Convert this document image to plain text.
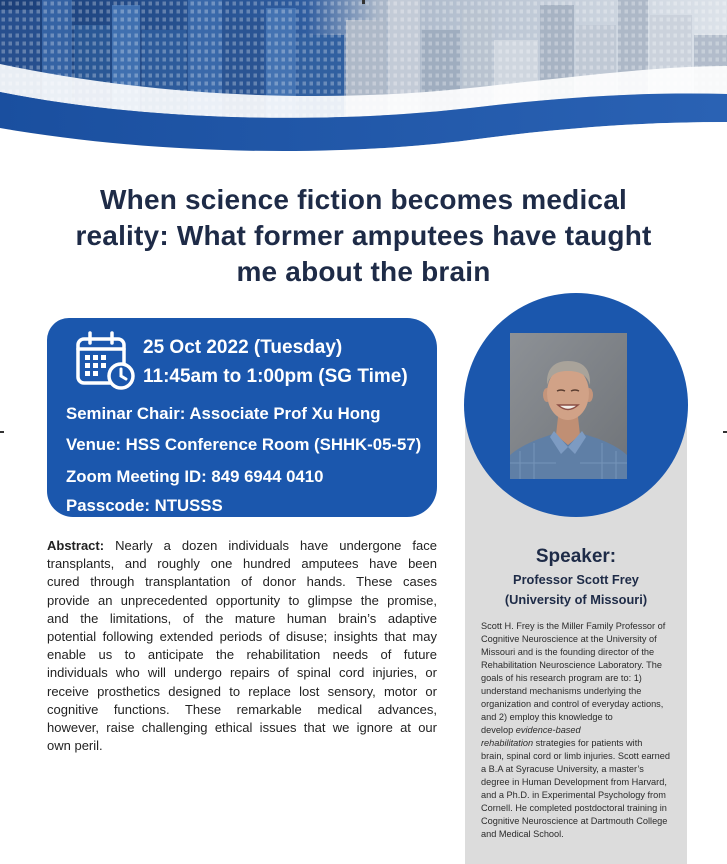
When science fiction becomes medical
reality: What former amputees have taught
me about the brain
25 Oct 2022 (Tuesday)
11:45am to 1:00pm (SG Time)
Seminar Chair: Associate Prof Xu Hong
Venue: HSS Conference Room (SHHK-05-57)
Zoom Meeting ID: 849 6944 0410
Passcode: NTUSSS
Speaker:
Professor Scott Frey
(University of Missouri)
Scott H. Frey is the Miller Family Professor of
Cognitive Neuroscience at the University of
Missouri and is the founding director of the
Rehabilitation Neuroscience Laboratory. The
goals of his research program are to: 1)
understand mechanisms underlying the
organization and control of everyday actions,
and 2) employ this knowledge to
develop evidence-based
rehabilitation strategies for patients with
brain, spinal cord or limb injuries. Scott earned
a B.A at Syracuse University, a master’s
degree in Human Development from Harvard,
and a Ph.D. in Experimental Psychology from
Cornell. He completed postdoctoral training in
Cognitive Neuroscience at Dartmouth College
and Medical School.
Abstract: Nearly a dozen individuals have undergone face
transplants, and roughly one hundred amputees have been
cured through transplantation of donor hands. These cases
provide an unprecedented opportunity to glimpse the promise,
and the limitations, of the mature human brain’s adaptive
potential following extended periods of disuse; insights that may
enable us to anticipate the rehabilitation needs of future
individuals who will undergo repairs of spinal cord injuries, or
receive prosthetics designed to replace lost sensory, motor or
cognitive functions. These remarkable medical advances,
however, raise challenging ethical issues that we ignore at our
own peril.
